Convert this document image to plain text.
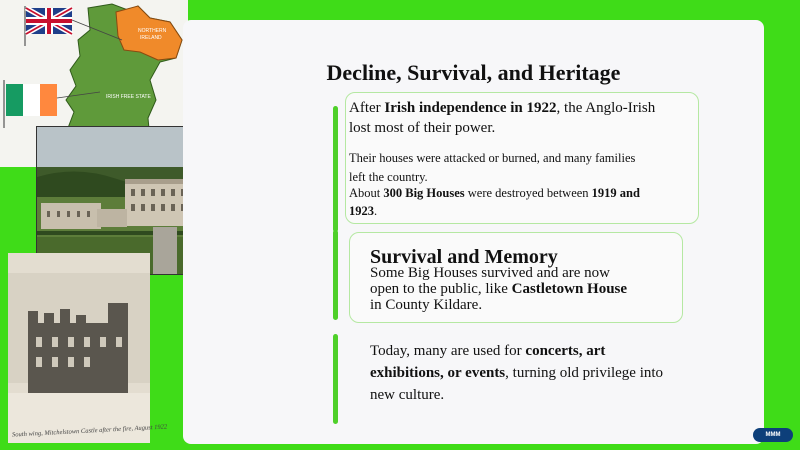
NORTHERN
IRELAND
IRISH FREE STATE
South wing, Mitchelstown Castle after the fire, August 1922
Decline, Survival, and Heritage
After Irish independence in 1922, the Anglo-Irish
lost most of their power.
Their houses were attacked or burned, and many families
left the country.
About 300 Big Houses were destroyed between 1919 and
1923.
Survival and Memory
Some Big Houses survived and are now
open to the public, like Castletown House
in County Kildare.
Today, many are used for concerts, art
exhibitions, or events, turning old privilege into
new culture.
MMM
